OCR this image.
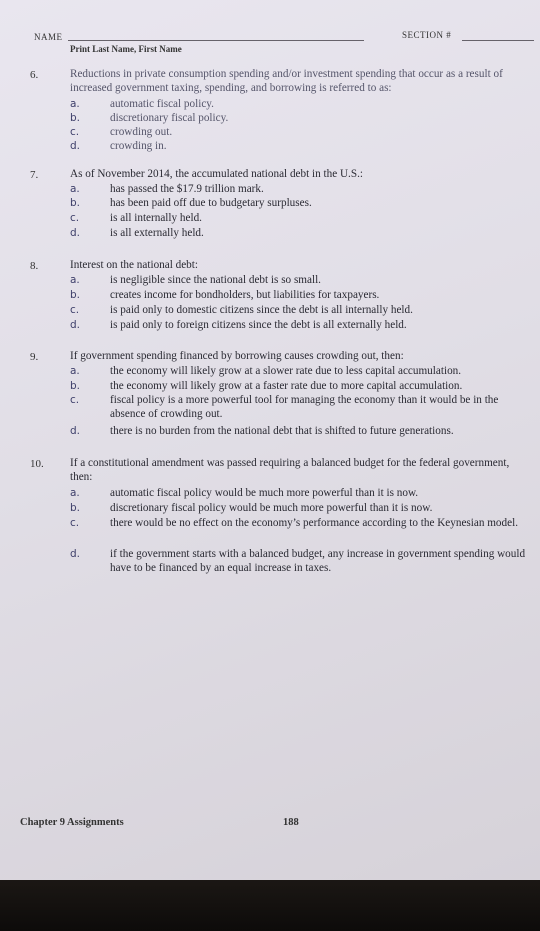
NAME	SECTION #
Print Last Name, First Name
6.	Reductions in private consumption spending and/or investment spending that occur as a result of increased government taxing, spending, and borrowing is referred to as:
a.	automatic fiscal policy.
b.	discretionary fiscal policy.
c.	crowding out.
d.	crowding in.
7.	As of November 2014, the accumulated national debt in the U.S.:
a.	has passed the $17.9 trillion mark.
b.	has been paid off due to budgetary surpluses.
c.	is all internally held.
d.	is all externally held.
8.	Interest on the national debt:
a.	is negligible since the national debt is so small.
b.	creates income for bondholders, but liabilities for taxpayers.
c.	is paid only to domestic citizens since the debt is all internally held.
d.	is paid only to foreign citizens since the debt is all externally held.
9.	If government spending financed by borrowing causes crowding out, then:
a.	the economy will likely grow at a slower rate due to less capital accumulation.
b.	the economy will likely grow at a faster rate due to more capital accumulation.
c.	fiscal policy is a more powerful tool for managing the economy than it would be in the absence of crowding out.
d.	there is no burden from the national debt that is shifted to future generations.
10. If a constitutional amendment was passed requiring a balanced budget for the federal government, then:
a.	automatic fiscal policy would be much more powerful than it is now.
b.	discretionary fiscal policy would be much more powerful than it is now.
c.	there would be no effect on the economy’s performance according to the Keynesian model.
d.	if the government starts with a balanced budget, any increase in government spending would have to be financed by an equal increase in taxes.
Chapter 9 Assignments	188
